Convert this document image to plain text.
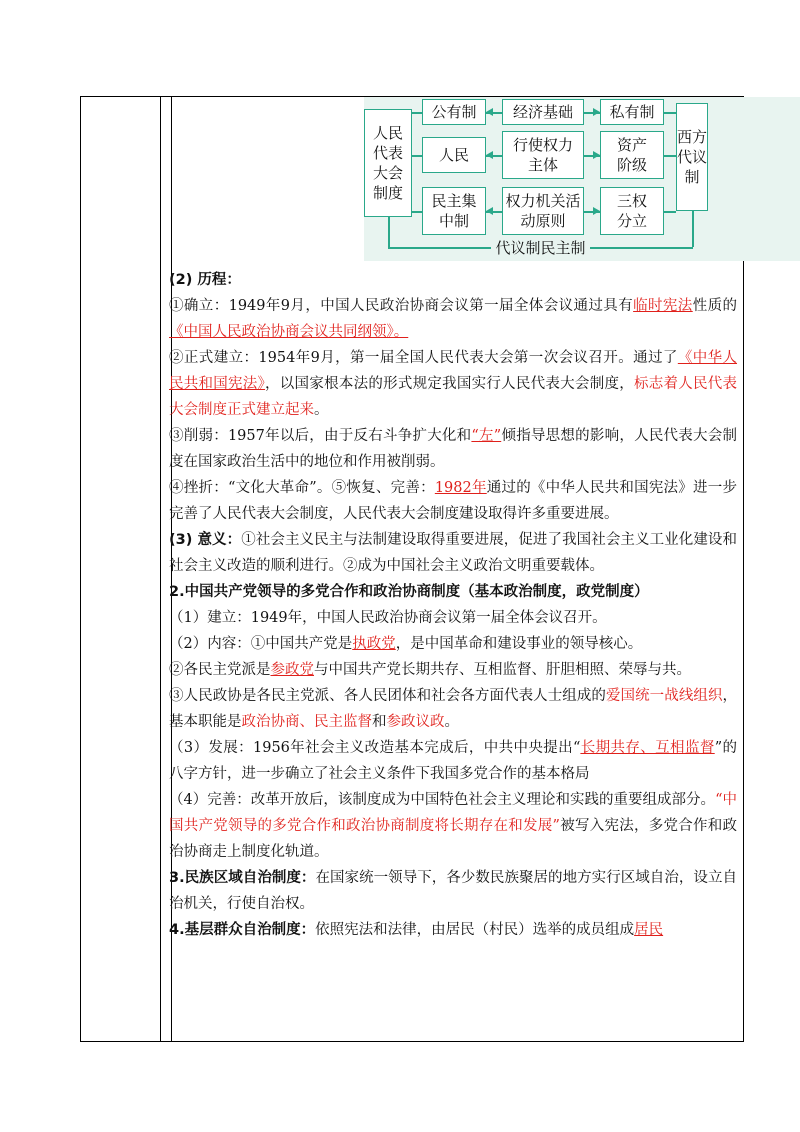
人民代表大会制度
西方代议制
公有制 经济基础 私有制
人民
行使权力主体
资产阶级
民主集中制
权力机关活动原则
三权分立
代议制民主制

(2) 历程：

①确立：1949年9月，中国人民政治协商会议第一届全体会议通过具有临时宪法性质的《中国人民政治协商会议共同纲领》。

②正式建立：1954年9月，第一届全国人民代表大会第一次会议召开。通过了《中华人民共和国宪法》，以国家根本法的形式规定我国实行人民代表大会制度，标志着人民代表大会制度正式建立起来。

③削弱：1957年以后，由于反右斗争扩大化和“左”倾指导思想的影响，人民代表大会制度在国家政治生活中的地位和作用被削弱。

④挫折：“文化大革命”。⑤恢复、完善：1982年通过的《中华人民共和国宪法》进一步完善了人民代表大会制度，人民代表大会制度建设取得许多重要进展。

(3) 意义：①社会主义民主与法制建设取得重要进展，促进了我国社会主义工业化建设和社会主义改造的顺利进行。②成为中国社会主义政治文明重要载体。

2.中国共产党领导的多党合作和政治协商制度（基本政治制度，政党制度）

（1）建立：1949年，中国人民政治协商会议第一届全体会议召开。

（2）内容：①中国共产党是执政党，是中国革命和建设事业的领导核心。

②各民主党派是参政党与中国共产党长期共存、互相监督、肝胆相照、荣辱与共。

③人民政协是各民主党派、各人民团体和社会各方面代表人士组成的爱国统一战线组织，基本职能是政治协商、民主监督和参政议政。

（3）发展：1956年社会主义改造基本完成后，中共中央提出“长期共存、互相监督”的八字方针，进一步确立了社会主义条件下我国多党合作的基本格局

（4）完善：改革开放后，该制度成为中国特色社会主义理论和实践的重要组成部分。“中国共产党领导的多党合作和政治协商制度将长期存在和发展”被写入宪法，多党合作和政治协商走上制度化轨道。

3.民族区域自治制度：在国家统一领导下，各少数民族聚居的地方实行区域自治，设立自治机关，行使自治权。

4.基层群众自治制度：依照宪法和法律，由居民（村民）选举的成员组成居民
